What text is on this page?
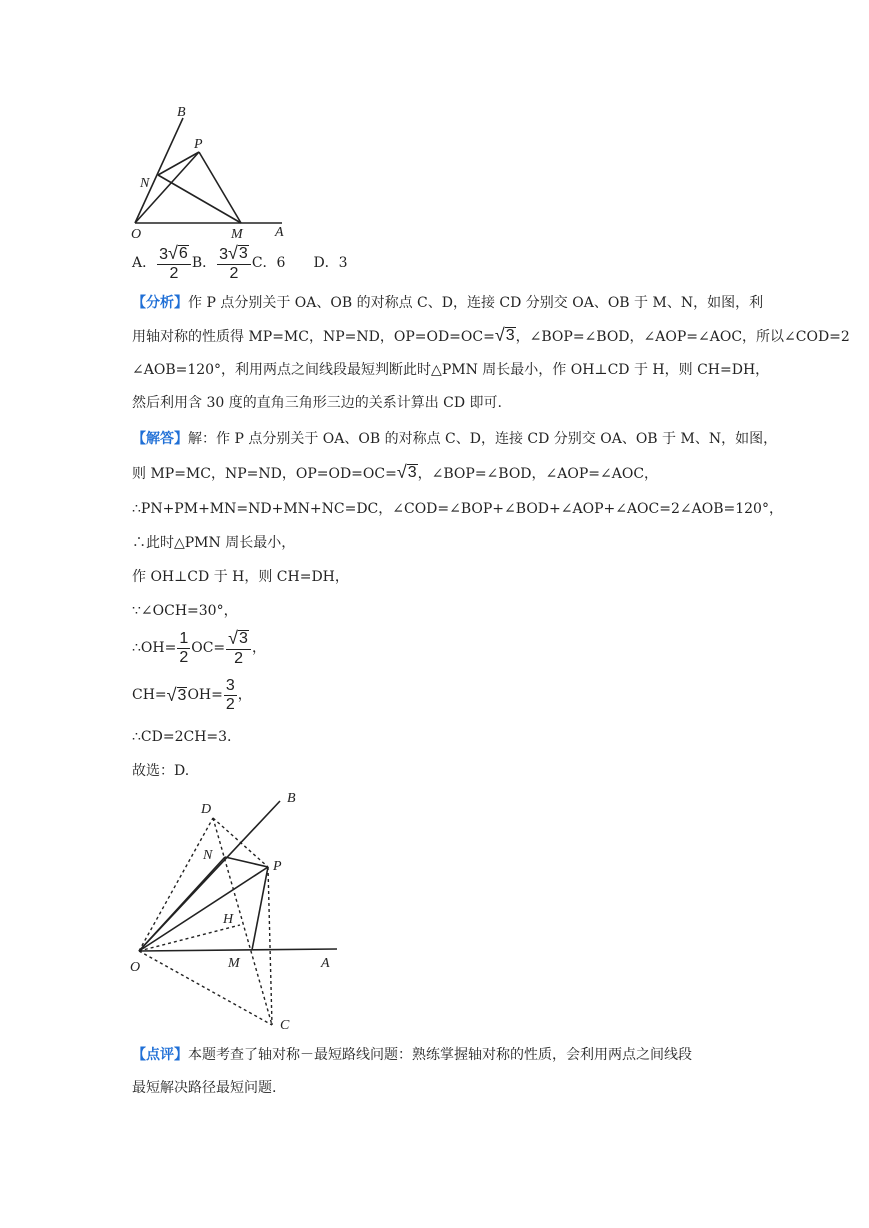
B
P
N
O	M A
A． $\frac{3 √ 6}{2}$ B． $\frac{3 √ 3}{2}$ C．6 D．3
【分析】作 P 点分别关于 OA、OB 的对称点 C、D，连接 CD 分别交 OA、OB 于 M、N，如图，利
用轴对称的性质得 MP=MC，NP=ND，OP=OD=OC= √ 3 ，∠BOP=∠BOD，∠AOP=∠AOC，所以∠COD=2
∠AOB=120°，利用两点之间线段最短判断此时△PMN 周长最小，作 OH⊥CD 于 H，则 CH=DH，
然后利用含 30 度的直角三角形三边的关系计算出 CD 即可.
【解答】解：作 P 点分别关于 OA、OB 的对称点 C、D，连接 CD 分别交 OA、OB 于 M、N，如图，
则 MP=MC，NP=ND，OP=OD=OC= √ 3 ，∠BOP=∠BOD，∠AOP=∠AOC，
∴PN+PM+MN=ND+MN+NC=DC，∠COD=∠BOP+∠BOD+∠AOP+∠AOC=2∠AOB=120°，
∴此时△PMN 周长最小，
作 OH⊥CD 于 H，则 CH=DH，
∵∠OCH=30°，
∴OH= $\frac{1}{2} OC= \frac{√ 3}{2}$ ，
CH= √ 3 $OH= \frac{3}{2}$ ，
∴CD=2CH=3.
故选：D.
D
B
N
P
H
O	M	A
C
【点评】本题考查了轴对称－最短路线问题：熟练掌握轴对称的性质，会利用两点之间线段
最短解决路径最短问题.
